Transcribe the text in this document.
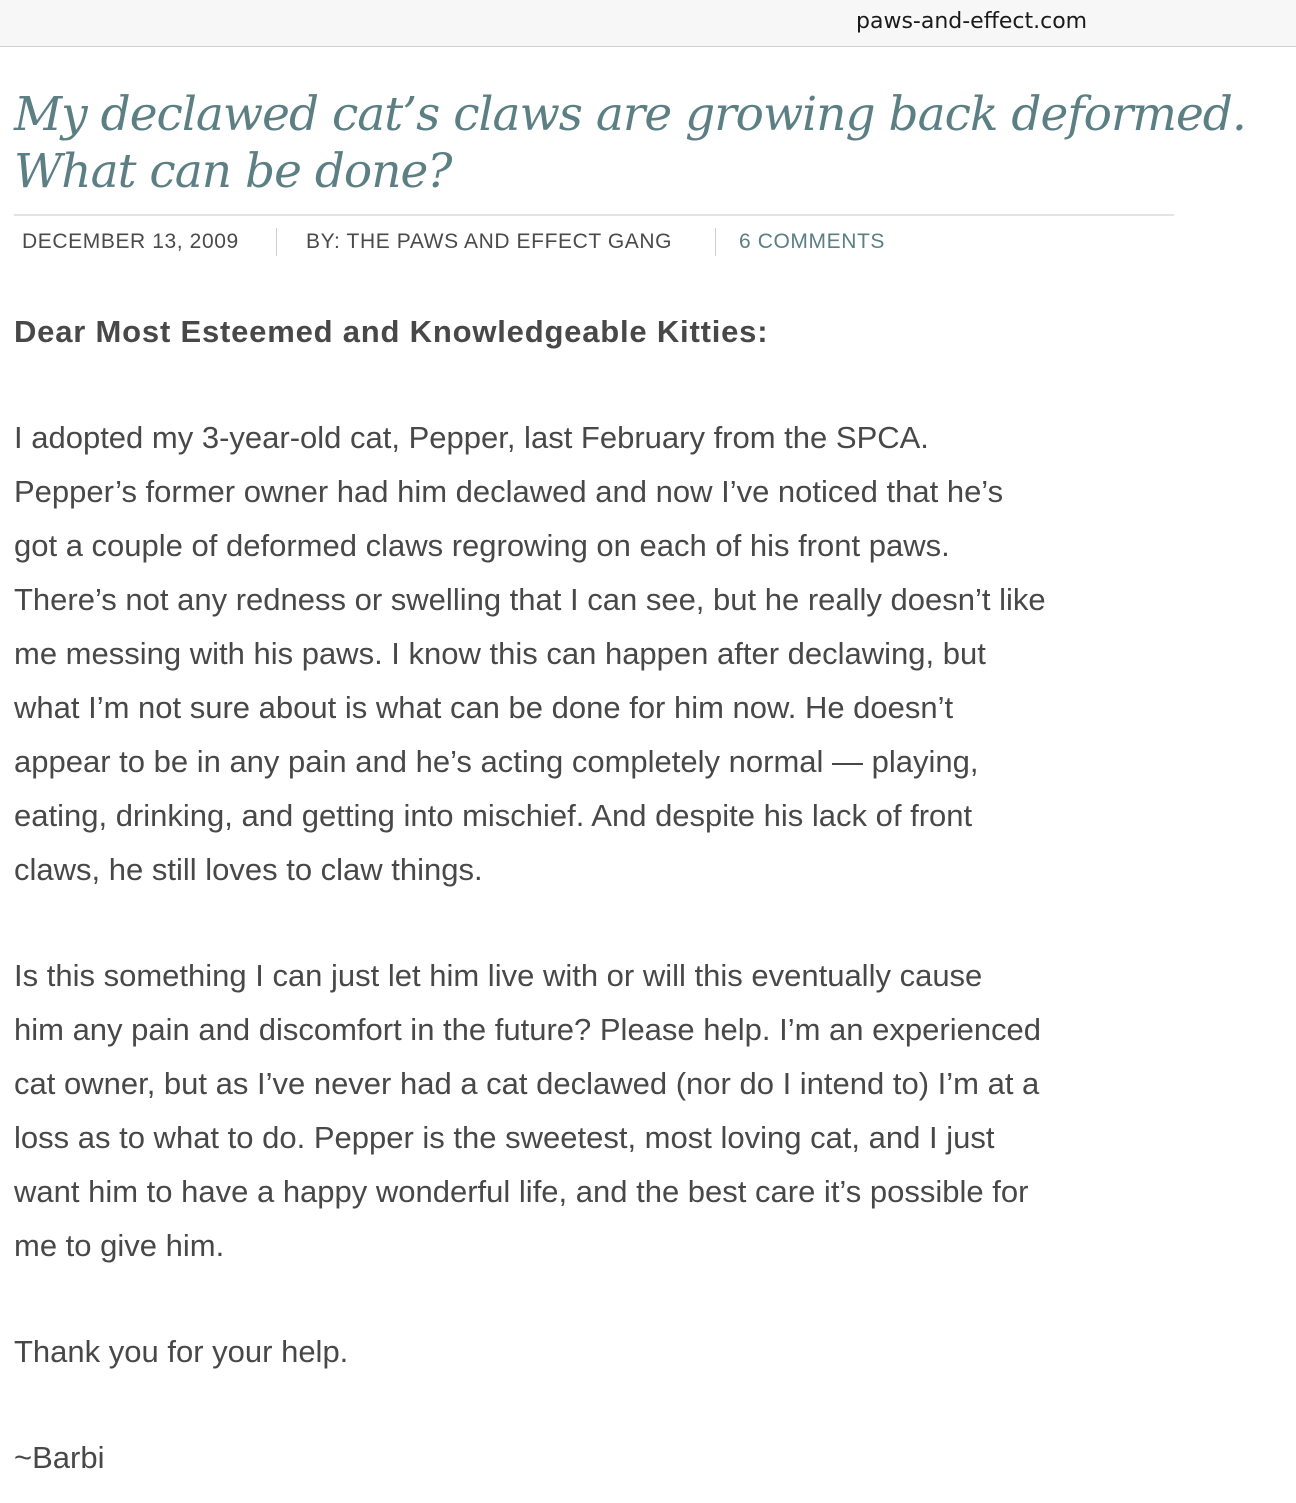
paws-and-effect.com
My declawed cat’s claws are growing back deformed.
What can be done?
DECEMBER 13, 2009	BY: THE PAWS AND EFFECT GANG	6 COMMENTS

Dear Most Esteemed and Knowledgeable Kitties:

I adopted my 3-year-old cat, Pepper, last February from the SPCA.
Pepper’s former owner had him declawed and now I’ve noticed that he’s
got a couple of deformed claws regrowing on each of his front paws.
There’s not any redness or swelling that I can see, but he really doesn’t like
me messing with his paws. I know this can happen after declawing, but
what I’m not sure about is what can be done for him now. He doesn’t
appear to be in any pain and he’s acting completely normal — playing,
eating, drinking, and getting into mischief. And despite his lack of front
claws, he still loves to claw things.

Is this something I can just let him live with or will this eventually cause
him any pain and discomfort in the future? Please help. I’m an experienced
cat owner, but as I’ve never had a cat declawed (nor do I intend to) I’m at a
loss as to what to do. Pepper is the sweetest, most loving cat, and I just
want him to have a happy wonderful life, and the best care it’s possible for
me to give him.

Thank you for your help.

~Barbi
